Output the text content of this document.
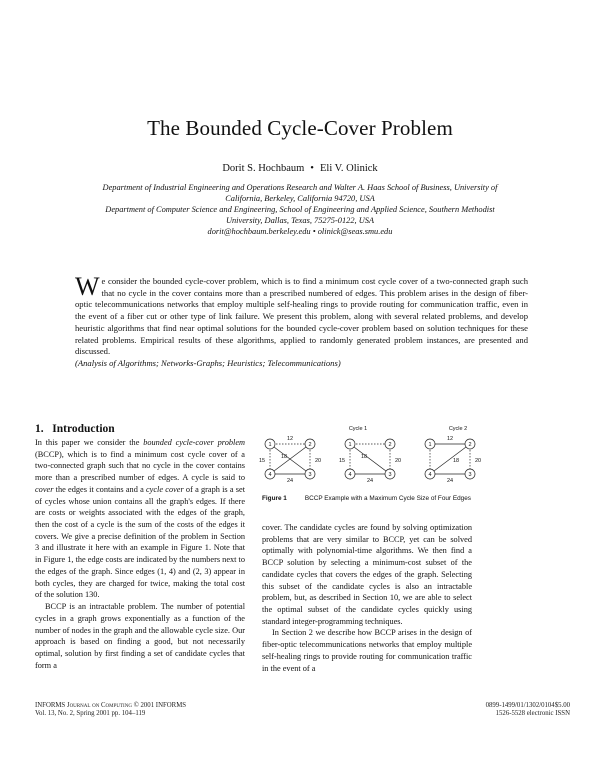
The Bounded Cycle-Cover Problem
Dorit S. Hochbaum • Eli V. Olinick
Department of Industrial Engineering and Operations Research and Walter A. Haas School of Business, University of
California, Berkeley, California 94720, USA
Department of Computer Science and Engineering, School of Engineering and Applied Science, Southern Methodist
University, Dallas, Texas, 75275-0122, USA
dorit@hochbaum.berkeley.edu • olinick@seas.smu.edu
We consider the bounded cycle-cover problem, which is to find a minimum cost cycle cover of a two-connected graph such that no cycle in the cover contains more than a prescribed numbered of edges. This problem arises in the design of fiber-optic telecommunications networks that employ multiple self-healing rings to provide routing for communication traffic, even in the event of a fiber cut or other type of link failure. We present this problem, along with several related problems, and develop heuristic algorithms that find near optimal solutions for the bounded cycle-cover problem based on solution techniques for these related problems. Empirical results of these algorithms, applied to randomly generated problem instances, are presented and discussed.
(Analysis of Algorithms; Networks-Graphs; Heuristics; Telecommunications)
1. Introduction

In this paper we consider the bounded cycle-cover problem (BCCP), which is to find a minimum cost cycle cover of a two-connected graph such that no cycle in the cover contains more than a prescribed number of edges. A cycle is said to cover the edges it contains and a cycle cover of a graph is a set of cycles whose union contains all the graph's edges. If there are costs or weights associated with the edges of the graph, then the cost of a cycle is the sum of the costs of the edges it covers. We give a precise definition of the problem in Section 3 and illustrate it here with an example in Figure 1. Note that in Figure 1, the edge costs are indicated by the numbers next to the edges of the graph. Since edges (1, 4) and (2, 3) appear in both cycles, they are charged for twice, making the total cost of the solution 130.

BCCP is an intractable problem. The number of potential cycles in a graph grows exponentially as a function of the number of nodes in the graph and the allowable cycle size. Our approach is based on finding a good, but not necessarily optimal, solution by first finding a set of candidate cycles that form a

Cycle 1	Cycle 2
1
12
2
15
18
20
4
24
3
15
2
1
18
20
4
24
3
12
1	2
18	20
4
24
3
Figure 1	BCCP Example with a Maximum Cycle Size of Four Edges

cover. The candidate cycles are found by solving optimization problems that are very similar to BCCP, yet can be solved optimally with polynomial-time algorithms. We then find a BCCP solution by selecting a minimum-cost subset of the candidate cycles that covers the edges of the graph. Selecting this subset of the candidate cycles is also an intractable problem, but, as described in Section 10, we are able to select the optimal subset of the candidate cycles quickly using standard integer-programming techniques.

In Section 2 we describe how BCCP arises in the design of fiber-optic telecommunications networks that employ multiple self-healing rings to provide routing for communication traffic in the event of a

INFORMS Journal on Computing © 2001 INFORMS
Vol. 13, No. 2, Spring 2001 pp. 104–119
0899-1499/01/1302/0104$5.00
1526-5528 electronic ISSN
